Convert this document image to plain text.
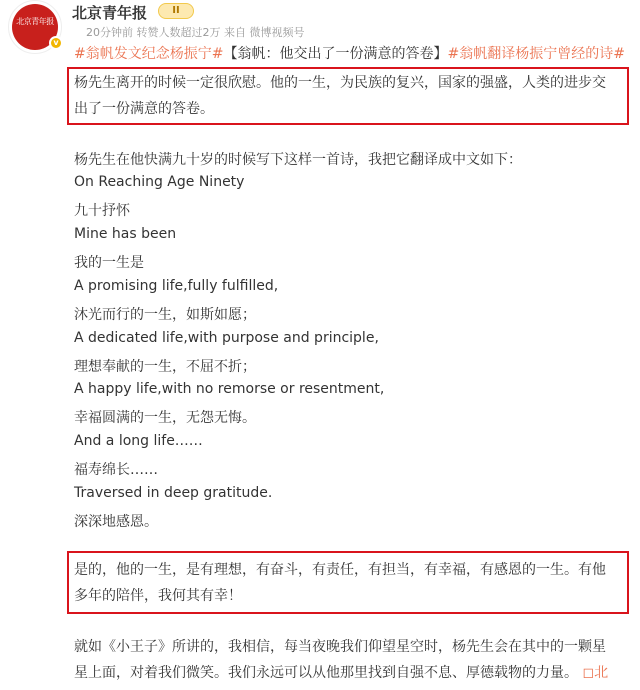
北京青年报
v
北京青年报	II
20分钟前 转赞人数超过2万 来自 微博视频号
#翁帆发文纪念杨振宁#【翁帆：他交出了一份满意的答卷】#翁帆翻译杨振宁曾经的诗#
杨先生离开的时候一定很欣慰。他的一生，为民族的复兴，国家的强盛，人类的进步交
出了一份满意的答卷。
杨先生在他快满九十岁的时候写下这样一首诗，我把它翻译成中文如下：
On Reaching Age Ninety
九十抒怀
Mine has been
我的一生是
A promising life,fully fulfilled,
沐光而行的一生，如斯如愿；
A dedicated life,with purpose and principle,
理想奉献的一生，不屈不折；
A happy life,with no remorse or resentment,
幸福圆满的一生，无怨无悔。
And a long life……
福寿绵长……
Traversed in deep gratitude.
深深地感恩。
是的，他的一生，是有理想，有奋斗，有责任，有担当，有幸福，有感恩的一生。有他
多年的陪伴，我何其有幸！
就如《小王子》所讲的，我相信，每当夜晚我们仰望星空时，杨先生会在其中的一颗星
星上面，对着我们微笑。我们永远可以从他那里找到自强不息、厚德载物的力量。 ◻北
